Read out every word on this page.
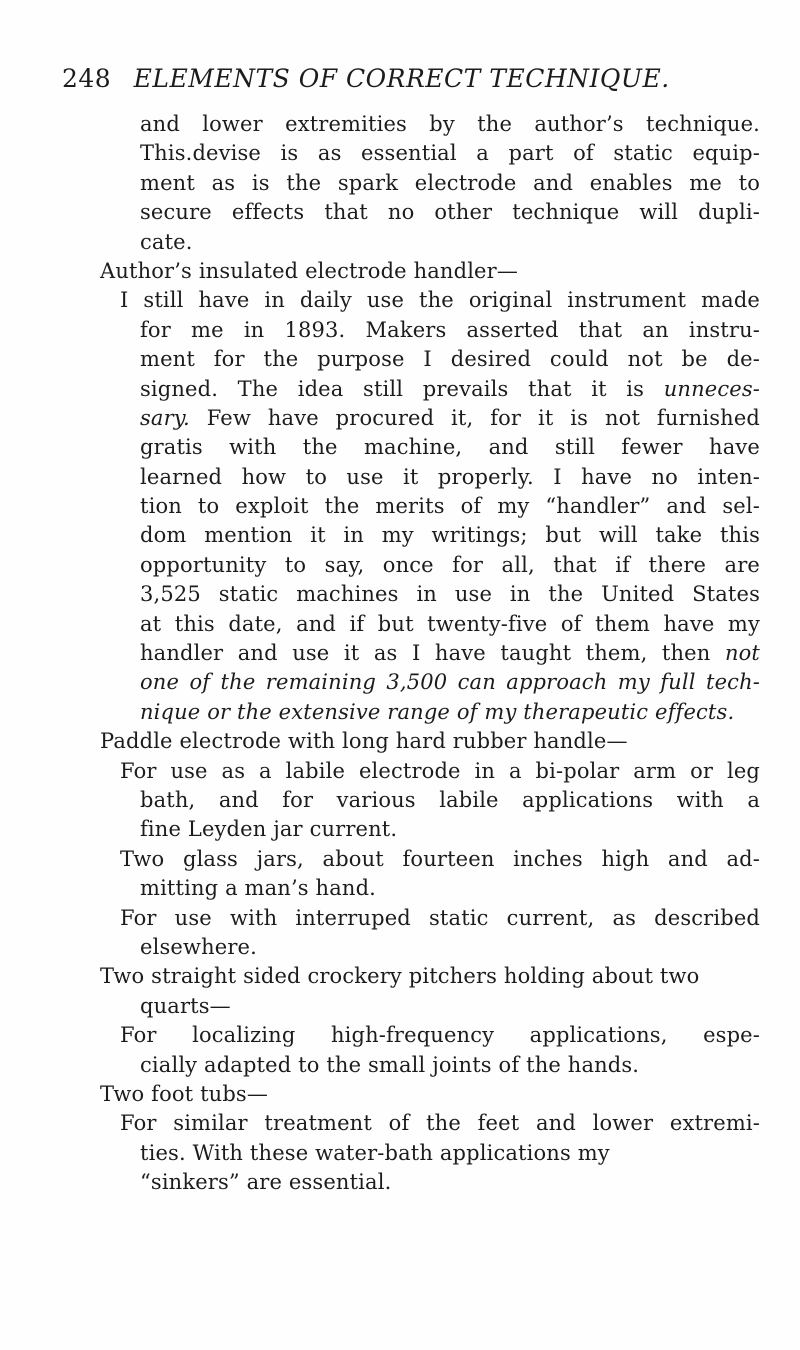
248 ELEMENTS OF CORRECT TECHNIQUE.
and lower extremities by the author’s technique.
This.devise is as essential a part of static equip-
ment as is the spark electrode and enables me to
secure effects that no other technique will dupli-
cate.
Author’s insulated electrode handler—
I still have in daily use the original instrument made
for me in 1893. Makers asserted that an instru-
ment for the purpose I desired could not be de-
signed. The idea still prevails that it is unneces-
sary. Few have procured it, for it is not furnished
gratis with the machine, and still fewer have
learned how to use it properly. I have no inten-
tion to exploit the merits of my “handler” and sel-
dom mention it in my writings; but will take this
opportunity to say, once for all, that if there are
3,525 static machines in use in the United States
at this date, and if but twenty-five of them have my
handler and use it as I have taught them, then not
one of the remaining 3,500 can approach my full tech-
nique or the extensive range of my therapeutic effects.
Paddle electrode with long hard rubber handle—
For use as a labile electrode in a bi-polar arm or leg
bath, and for various labile applications with a
fine Leyden jar current.
Two glass jars, about fourteen inches high and ad-
mitting a man’s hand.
For use with interruped static current, as described
elsewhere.
Two straight sided crockery pitchers holding about two
quarts—
For localizing high-frequency applications, espe-
cially adapted to the small joints of the hands.
Two foot tubs—
For similar treatment of the feet and lower extremi-
ties. With these water-bath applications my
“sinkers” are essential.
